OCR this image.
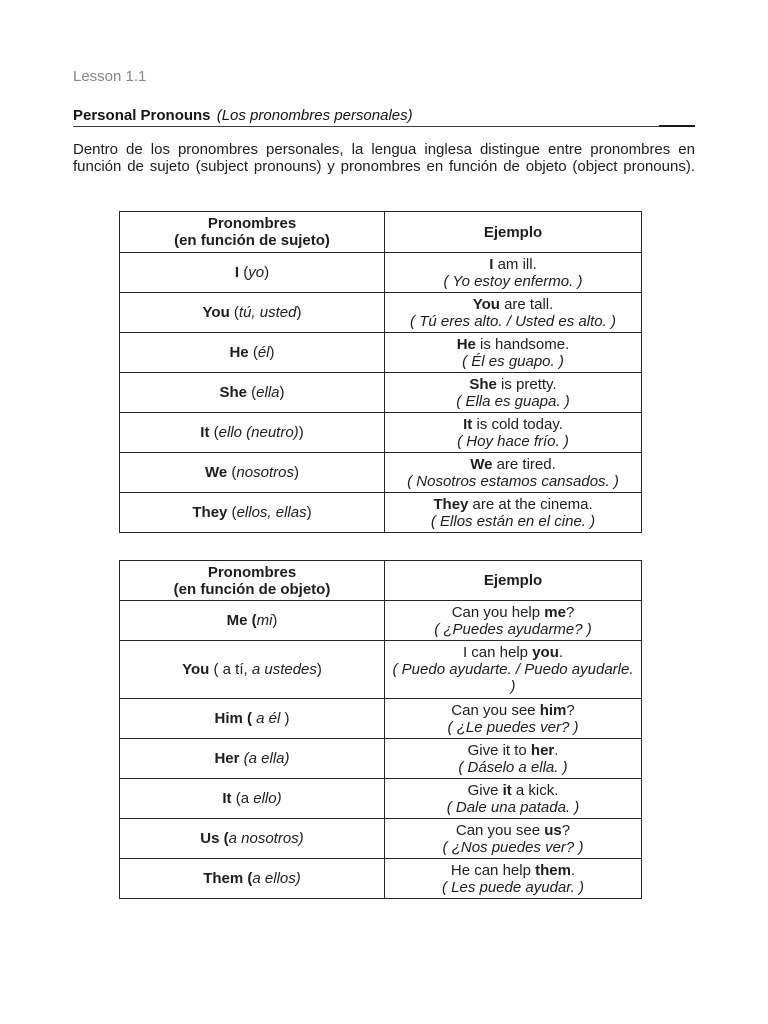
Lesson 1.1
Personal Pronouns (Los pronombres personales)

Dentro de los pronombres personales, la lengua inglesa distingue entre pronombres en función de sujeto (subject pronouns) y pronombres en función de objeto (object pronouns).

Pronombres
(en función de sujeto)	Ejemplo
I (yo)	I am ill.
( Yo estoy enfermo. )

You (tú, usted)	You are tall.
( Tú eres alto. / Usted es alto. )

He (él)	He is handsome.
( Él es guapo. )

She (ella)	She is pretty.
( Ella es guapa. )

It (ello (neutro))	It is cold today.
( Hoy hace frío. )

We (nosotros)	We are tired.
( Nosotros estamos cansados. )

They (ellos, ellas)	They are at the cinema.
( Ellos están en el cine. )
Pronombres
(en función de objeto)	Ejemplo
Me (mi)	Can you help me?
( ¿Puedes ayudarme? )

You ( a tí, a ustedes)	I can help you.
( Puedo ayudarte. / Puedo ayudarle. )

Him ( a él )	Can you see him?
( ¿Le puedes ver? )

Her (a ella)	Give it to her.
( Dáselo a ella. )

It (a ello)	Give it a kick.
( Dale una patada. )

Us (a nosotros)	Can you see us?
( ¿Nos puedes ver? )

Them (a ellos)	He can help them.
( Les puede ayudar. )
